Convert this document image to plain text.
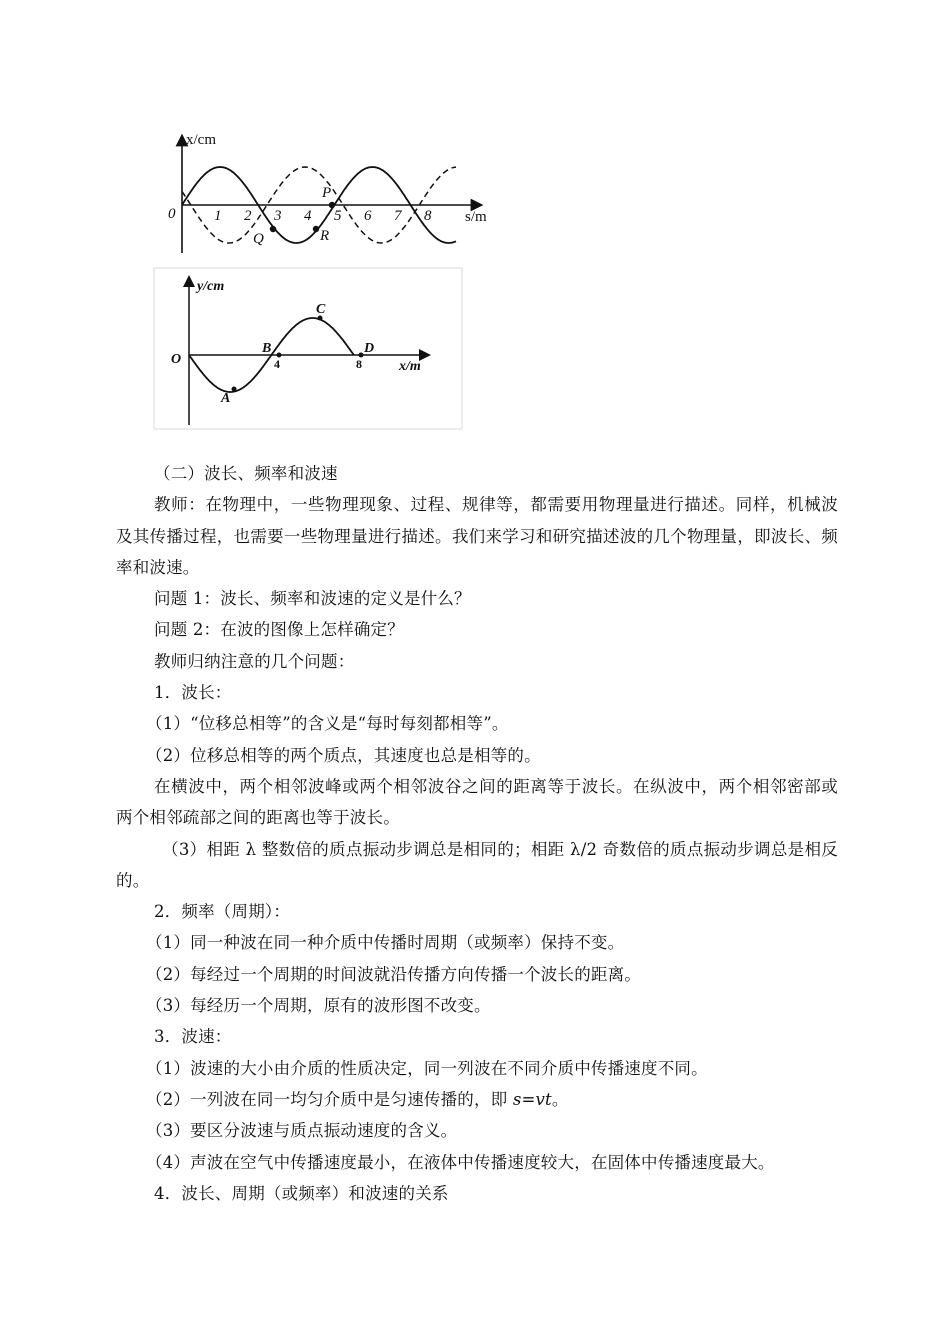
x/cm
s/m
0	1 2 3 4 5 6 7 8
P
Q	R
y/cm
x/m
O	4	8
A
B
C
D

（二）波长、频率和波速

教师：在物理中，一些物理现象、过程、规律等，都需要用物理量进行描述。同样，机械波及其传播过程，也需要一些物理量进行描述。我们来学习和研究描述波的几个物理量，即波长、频率和波速。

问题 1：波长、频率和波速的定义是什么？

问题 2：在波的图像上怎样确定？

教师归纳注意的几个问题：

1．波长：

（1）“位移总相等”的含义是“每时每刻都相等”。

（2）位移总相等的两个质点，其速度也总是相等的。

在横波中，两个相邻波峰或两个相邻波谷之间的距离等于波长。在纵波中，两个相邻密部或两个相邻疏部之间的距离也等于波长。

（3）相距 λ 整数倍的质点振动步调总是相同的；相距 λ/2 奇数倍的质点振动步调总是相反的。

2．频率（周期）：

（1）同一种波在同一种介质中传播时周期（或频率）保持不变。

（2）每经过一个周期的时间波就沿传播方向传播一个波长的距离。

（3）每经历一个周期，原有的波形图不改变。

3．波速：

（1）波速的大小由介质的性质决定，同一列波在不同介质中传播速度不同。

（2）一列波在同一均匀介质中是匀速传播的，即 s=vt。

（3）要区分波速与质点振动速度的含义。

（4）声波在空气中传播速度最小，在液体中传播速度较大，在固体中传播速度最大。

4．波长、周期（或频率）和波速的关系
